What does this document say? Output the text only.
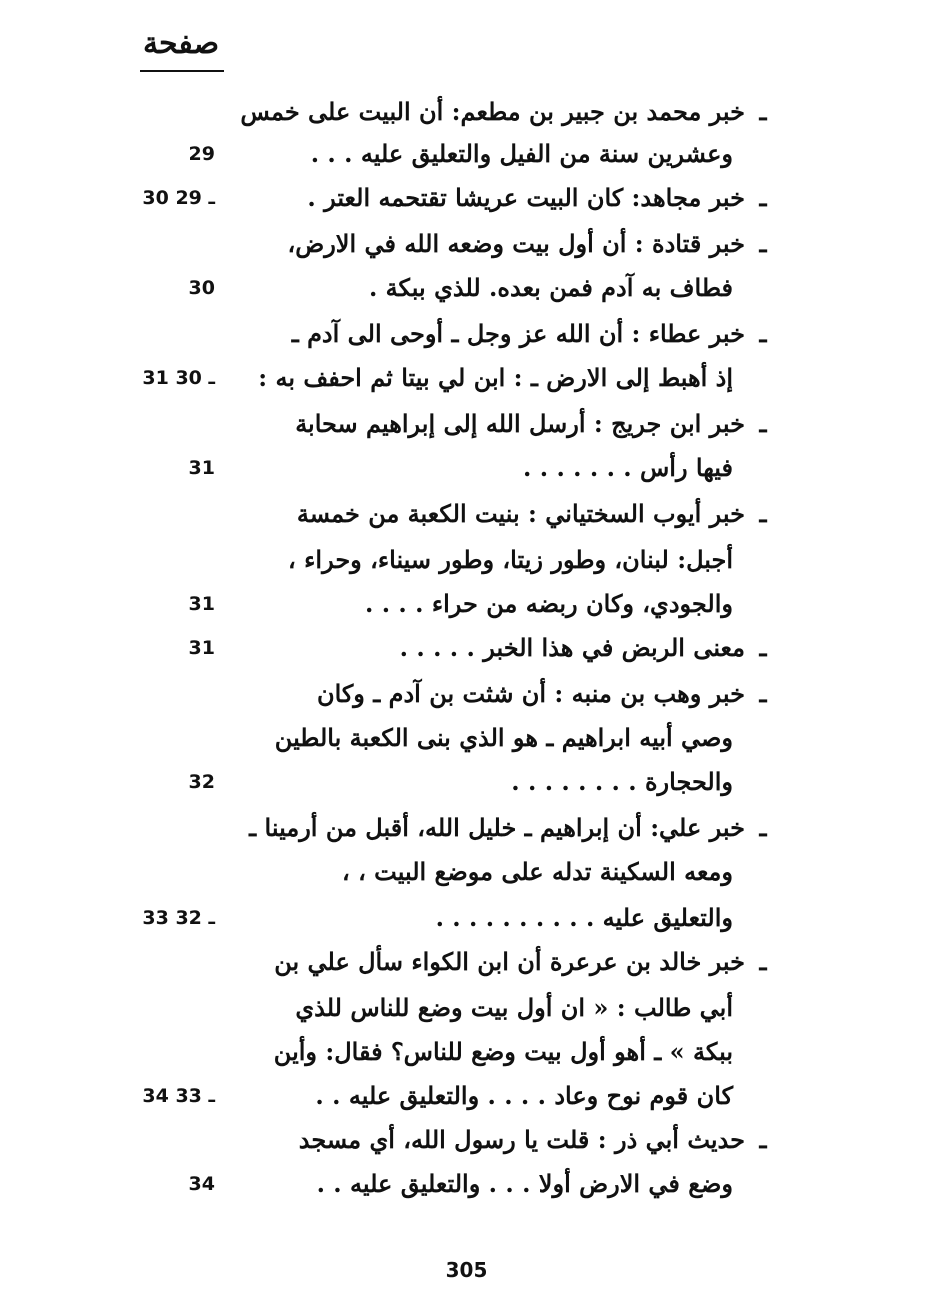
صفحة
ـ
خبر محمد بن جبير بن مطعم: أن البيت على خمس
وعشرين سنة من الفيل والتعليق عليه . . .
29
ـ
خبر مجاهد: كان البيت عريشا تقتحمه العتر .
30 ـ 29
ـ
خبر قتادة : أن أول بيت وضعه الله في الارض،
فطاف به آدم فمن بعده. للذي ببكة .
30
ـ
خبر عطاء : أن الله عز وجل ـ أوحى الى آدم ـ
إذ أهبط إلى الارض ـ : ابن لي بيتا ثم احفف به :
31 ـ 30
ـ
خبر ابن جريج : أرسل الله إلى إبراهيم سحابة
فيها رأس . . . . . . .
31
ـ
خبر أيوب السختياني : بنيت الكعبة من خمسة
أجبل: لبنان، وطور زيتا، وطور سيناء، وحراء ،
والجودي، وكان ربضه من حراء . . . .
31
ـ
معنى الربض في هذا الخبر . . . . .
31
ـ
خبر وهب بن منبه : أن شثت بن آدم ـ وكان
وصي أبيه ابراهيم ـ هو الذي بنى الكعبة بالطين
والحجارة . . . . . . . .
32
ـ
خبر علي: أن إبراهيم ـ خليل الله، أقبل من أرمينا ـ
ومعه السكينة تدله على موضع البيت ، ،
والتعليق عليه . . . . . . . . . .
33 ـ 32
ـ
خبر خالد بن عرعرة أن ابن الكواء سأل علي بن
أبي طالب : « ان أول بيت وضع للناس للذي
ببكة » ـ أهو أول بيت وضع للناس؟ فقال: وأين
كان قوم نوح وعاد . . . . والتعليق عليه . .
34 ـ 33
ـ
حديث أبي ذر : قلت يا رسول الله، أي مسجد
وضع في الارض أولا . . . والتعليق عليه . .
34
305
